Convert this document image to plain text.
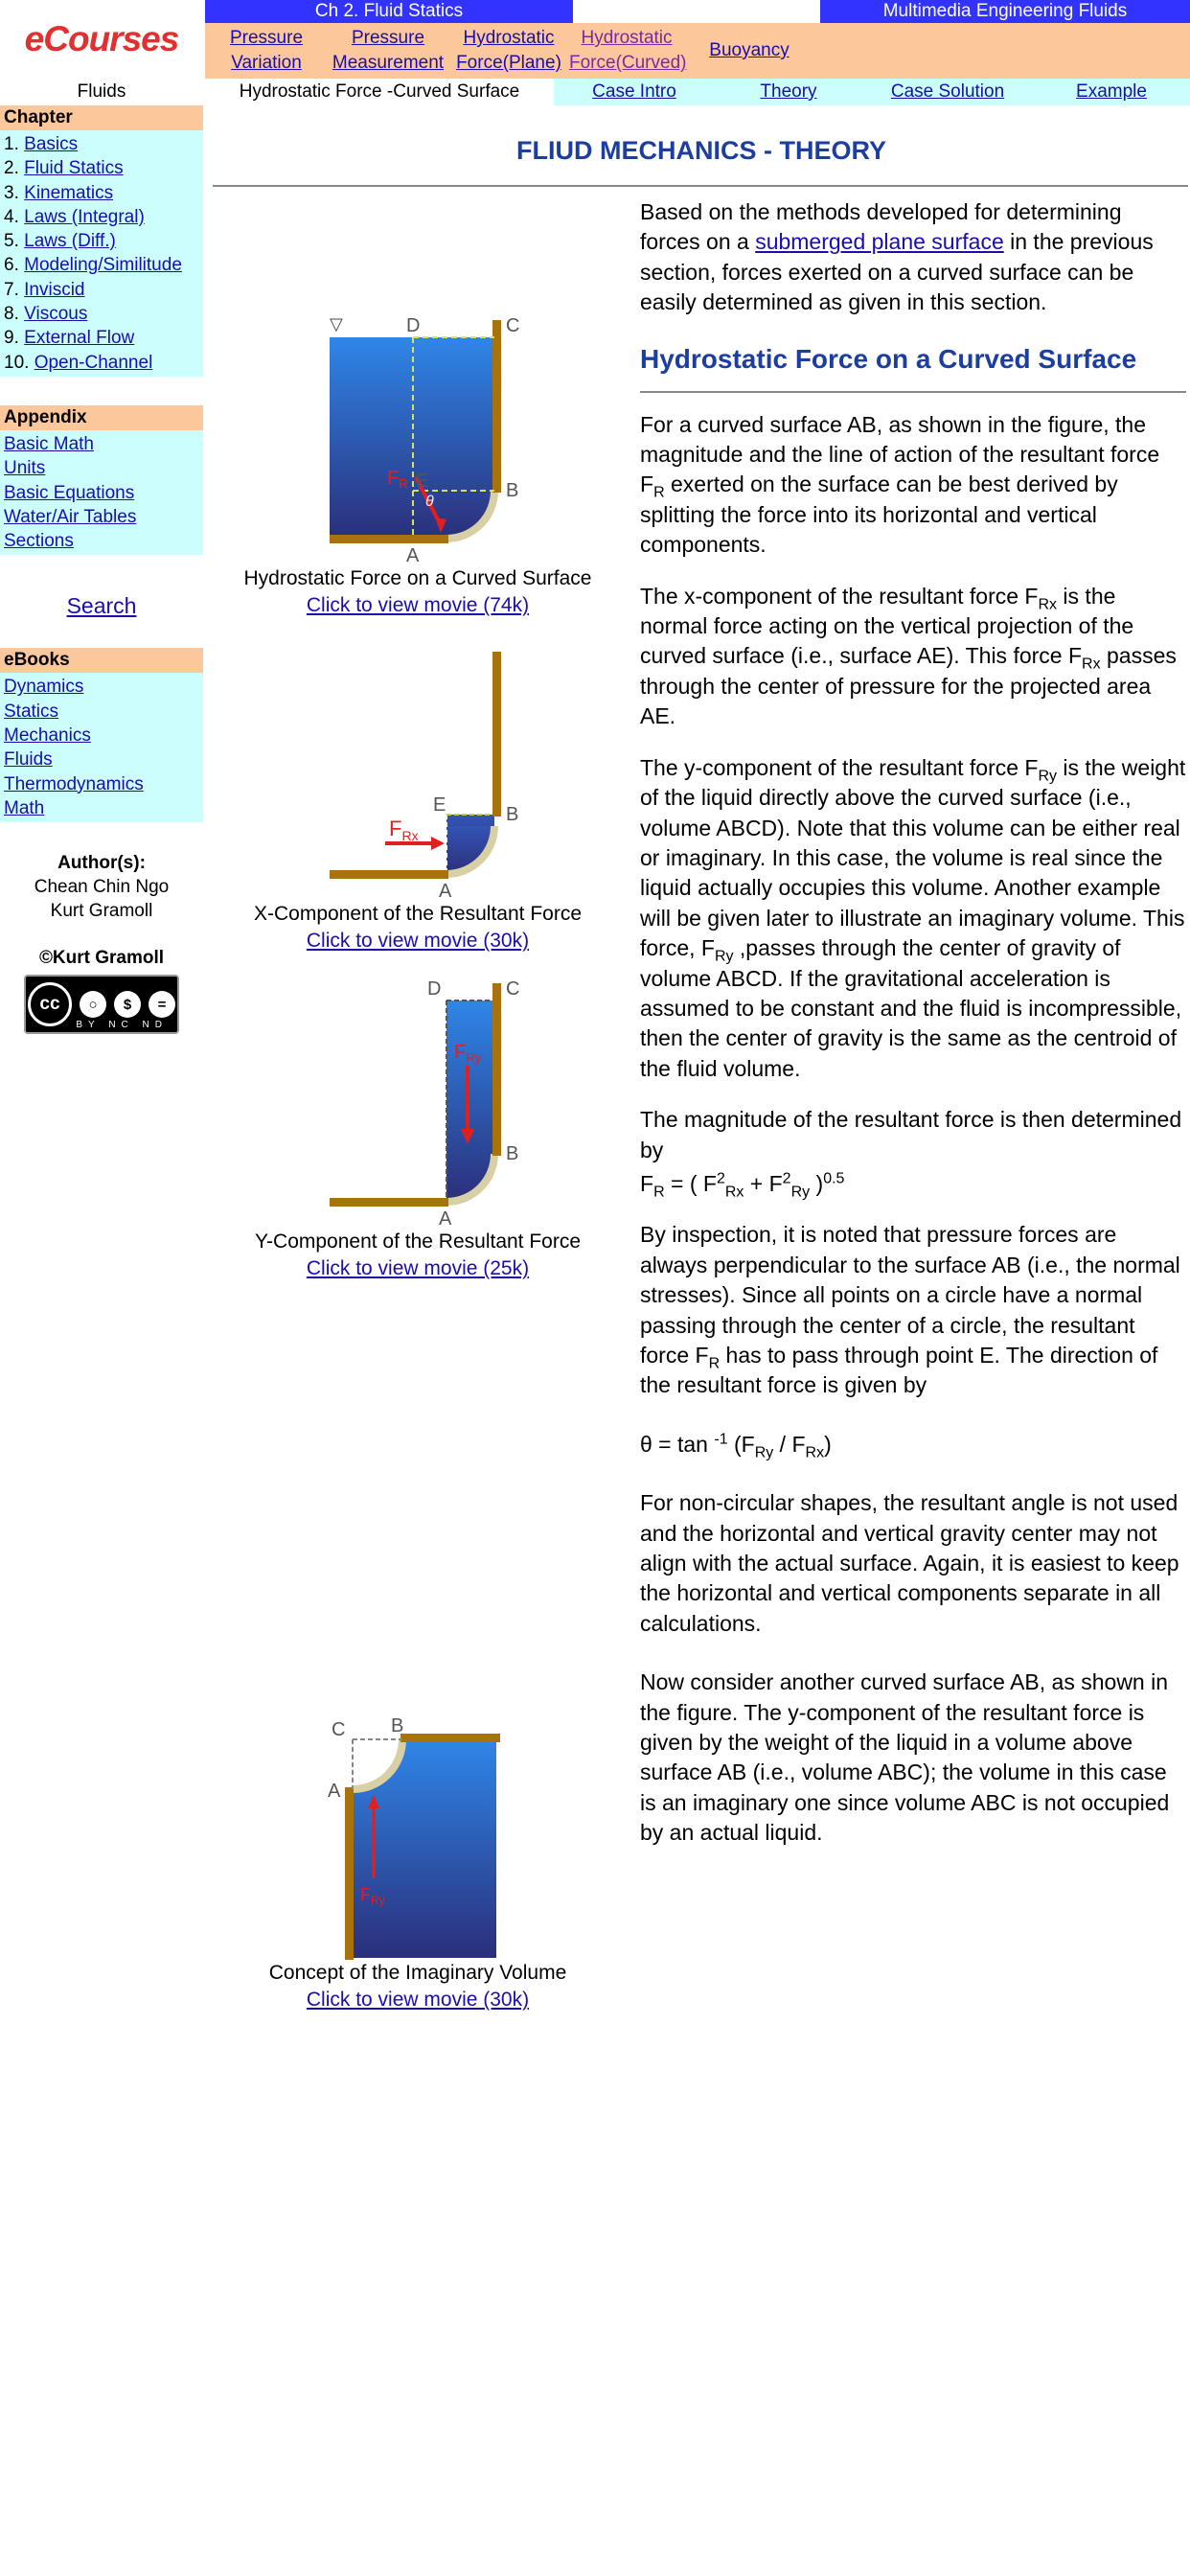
eCourses
Fluids
Chapter
1. Basics
2. Fluid Statics
3. Kinematics
4. Laws (Integral)
5. Laws (Diff.)
6. Modeling/Similitude
7. Inviscid
8. Viscous
9. External Flow
10. Open-Channel
Appendix
Basic Math
Units
Basic Equations
Water/Air Tables
Sections
Search
eBooks
Dynamics
Statics
Mechanics
Fluids
Thermodynamics
Math
Author(s):
Chean Chin Ngo
Kurt Gramoll
©Kurt Gramoll
cc	○	$	=
BY NC ND
Ch 2. Fluid Statics	Multimedia Engineering Fluids
Pressure
Variation
Pressure
Measurement
Hydrostatic
Force(Plane)
Hydrostatic
Force(Curved)
Buoyancy
Hydrostatic Force -Curved Surface	Case Intro	Theory	Case Solution	Example
FLIUD MECHANICS - THEORY
▽	D	C
E	B
A
$F_R$
θ
Hydrostatic Force on a Curved Surface
Click to view movie (74k)
E	B
A
$F_{Rx}$
X-Component of the Resultant Force
Click to view movie (30k)
D	C
B
A
$F_{Ry}$
Y-Component of the Resultant Force
Click to view movie (25k)
C B
A
$F_{Ry}$
Concept of the Imaginary Volume
Click to view movie (30k)

Based on the methods developed for determining forces on a submerged plane surface in the previous section, forces exerted on a curved surface can be easily determined as given in this section.

Hydrostatic Force on a Curved Surface

For a curved surface AB, as shown in the figure, the magnitude and the line of action of the resultant force $F_R$ exerted on the surface can be best derived by splitting the force into its horizontal and vertical components.

The x-component of the resultant force $F_{Rx}$ is the normal force acting on the vertical projection of the curved surface (i.e., surface AE). This force $F_{Rx}$ passes through the center of pressure for the projected area AE.

The y-component of the resultant force $F_{Ry}$ is the weight of the liquid directly above the curved surface (i.e., volume ABCD). Note that this volume can be either real or imaginary. In this case, the volume is real since the liquid actually occupies this volume. Another example will be given later to illustrate an imaginary volume. This force, $F_{Ry}$ ,passes through the center of gravity of volume ABCD. If the gravitational acceleration is assumed to be constant and the fluid is incompressible, then the center of gravity is the same as the centroid of the fluid volume.

The magnitude of the resultant force is then determined by

$F_R$ = ( $F^2_{Rx} + F^2_{Ry}$ )$^{0.5}$

By inspection, it is noted that pressure forces are always perpendicular to the surface AB (i.e., the normal stresses). Since all points on a circle have a normal passing through the center of a circle, the resultant force $F_R$ has to pass through point E. The direction of the resultant force is given by

θ = tan $^{-1}$ $(F_{Ry} / F_{Rx})$

For non-circular shapes, the resultant angle is not used and the horizontal and vertical gravity center may not align with the actual surface. Again, it is easiest to keep the horizontal and vertical components separate in all calculations.

Now consider another curved surface AB, as shown in the figure. The y-component of the resultant force is given by the weight of the liquid in a volume above surface AB (i.e., volume ABC); the volume in this case is an imaginary one since volume ABC is not occupied by an actual liquid.
